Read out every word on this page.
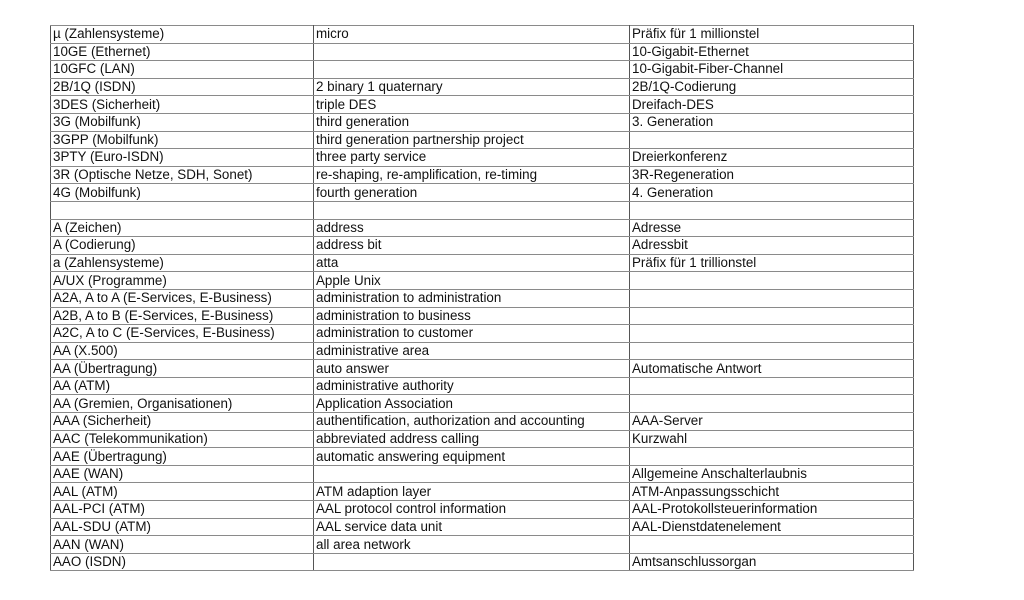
µ (Zahlensysteme)	micro	Präfix für 1 millionstel
10GE (Ethernet)		10-Gigabit-Ethernet
10GFC (LAN)		10-Gigabit-Fiber-Channel
2B/1Q (ISDN)	2 binary 1 quaternary	2B/1Q-Codierung
3DES (Sicherheit)	triple DES	Dreifach-DES
3G (Mobilfunk)	third generation	3. Generation
3GPP (Mobilfunk)	third generation partnership project	
3PTY (Euro-ISDN)	three party service	Dreierkonferenz
3R (Optische Netze, SDH, Sonet)	re-shaping, re-amplification, re-timing	3R-Regeneration
4G (Mobilfunk)	fourth generation	4. Generation

A (Zeichen)	address	Adresse
A (Codierung)	address bit	Adressbit
a (Zahlensysteme)	atta	Präfix für 1 trillionstel
A/UX (Programme)	Apple Unix	
A2A, A to A (E-Services, E-Business)	administration to administration	
A2B, A to B (E-Services, E-Business)	administration to business	
A2C, A to C (E-Services, E-Business)	administration to customer	
AA (X.500)	administrative area	
AA (Übertragung)	auto answer	Automatische Antwort
AA (ATM)	administrative authority	
AA (Gremien, Organisationen)	Application Association	
AAA (Sicherheit)	authentification, authorization and accounting	AAA-Server
AAC (Telekommunikation)	abbreviated address calling	Kurzwahl
AAE (Übertragung)	automatic answering equipment	
AAE (WAN)		Allgemeine Anschalterlaubnis
AAL (ATM)	ATM adaption layer	ATM-Anpassungsschicht
AAL-PCI (ATM)	AAL protocol control information	AAL-Protokollsteuerinformation
AAL-SDU (ATM)	AAL service data unit	AAL-Dienstdatenelement
AAN (WAN)	all area network	
AAO (ISDN)		Amtsanschlussorgan
